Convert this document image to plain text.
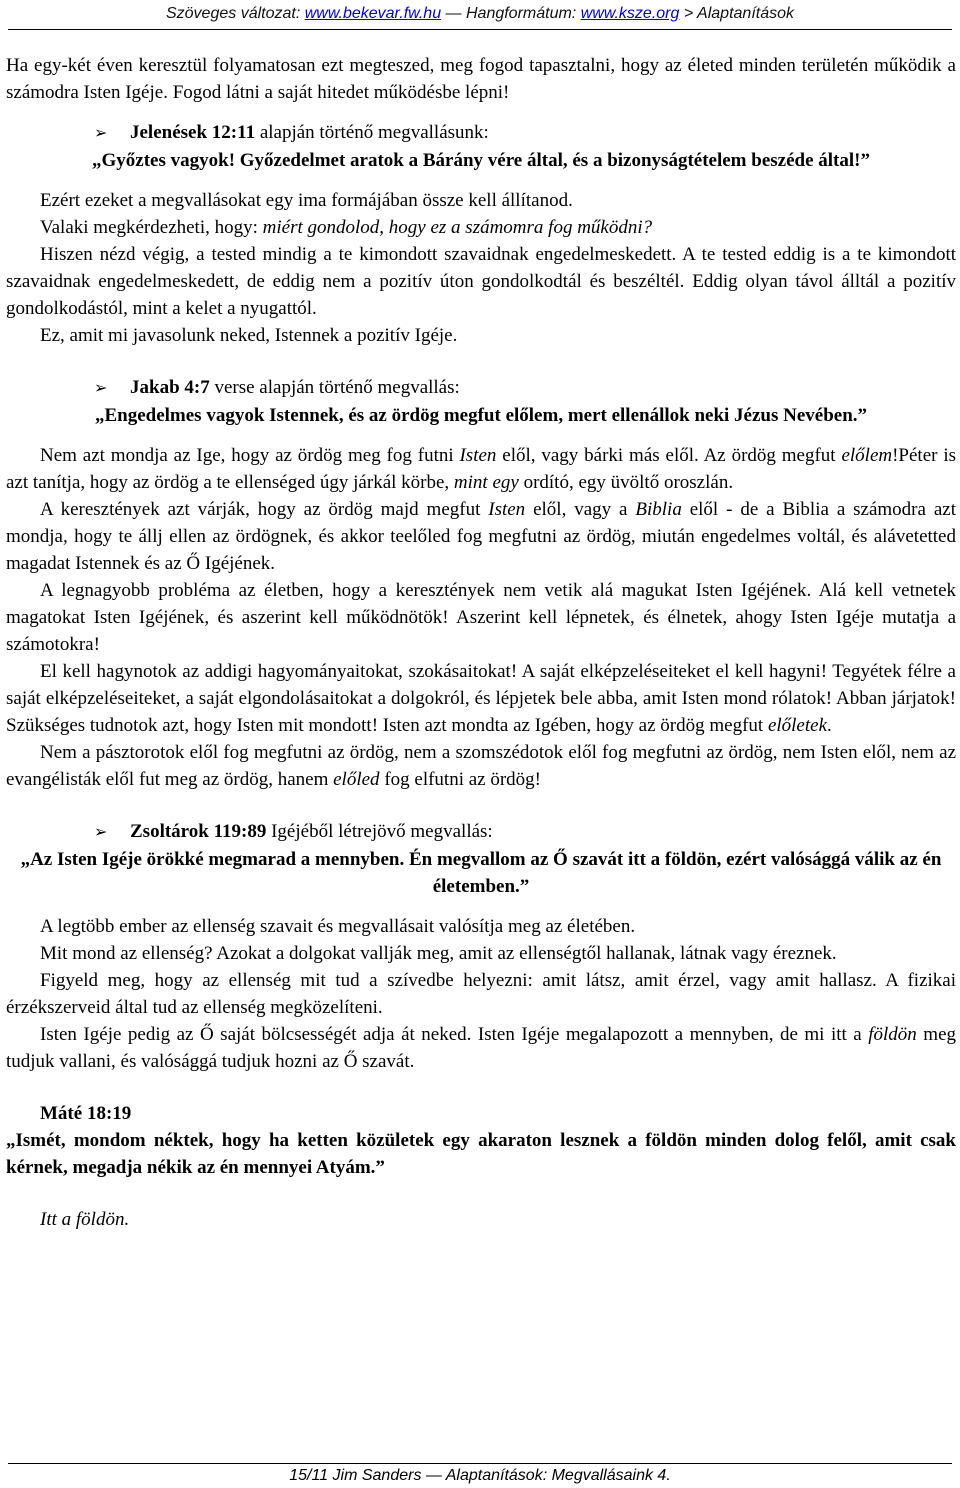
Szöveges változat: www.bekevar.fw.hu — Hangformátum: www.ksze.org > Alaptanítások

Ha egy-két éven keresztül folyamatosan ezt megteszed, meg fogod tapasztalni, hogy az életed minden területén működik a számodra Isten Igéje. Fogod látni a saját hitedet működésbe lépni!

➢	Jelenések 12:11 alapján történő megvallásunk:

„Győztes vagyok! Győzedelmet aratok a Bárány vére által, és a bizonyságtételem beszéde által!”

Ezért ezeket a megvallásokat egy ima formájában össze kell állítanod.

Valaki megkérdezheti, hogy: miért gondolod, hogy ez a számomra fog működni?

Hiszen nézd végig, a tested mindig a te kimondott szavaidnak engedelmeskedett. A te tested eddig is a te kimondott szavaidnak engedelmeskedett, de eddig nem a pozitív úton gondolkodtál és beszéltél. Eddig olyan távol álltál a pozitív gondolkodástól, mint a kelet a nyugattól.

Ez, amit mi javasolunk neked, Istennek a pozitív Igéje.

➢	Jakab 4:7 verse alapján történő megvallás:

„Engedelmes vagyok Istennek, és az ördög megfut előlem, mert ellenállok neki Jézus Nevében.”

Nem azt mondja az Ige, hogy az ördög meg fog futni Isten elől, vagy bárki más elől. Az ördög megfut előlem!Péter is azt tanítja, hogy az ördög a te ellenséged úgy járkál körbe, mint egy ordító, egy üvöltő oroszlán.

A keresztények azt várják, hogy az ördög majd megfut Isten elől, vagy a Biblia elől - de a Biblia a számodra azt mondja, hogy te állj ellen az ördögnek, és akkor teelőled fog megfutni az ördög, miután engedelmes voltál, és alávetetted magadat Istennek és az Ő Igéjének.

A legnagyobb probléma az életben, hogy a keresztények nem vetik alá magukat Isten Igéjének. Alá kell vetnetek magatokat Isten Igéjének, és aszerint kell működnötök! Aszerint kell lépnetek, és élnetek, ahogy Isten Igéje mutatja a számotokra!

El kell hagynotok az addigi hagyományaitokat, szokásaitokat! A saját elképzeléseiteket el kell hagyni! Tegyétek félre a saját elképzeléseiteket, a saját elgondolásaitokat a dolgokról, és lépjetek bele abba, amit Isten mond rólatok! Abban járjatok! Szükséges tudnotok azt, hogy Isten mit mondott! Isten azt mondta az Igében, hogy az ördög megfut előletek.

Nem a pásztorotok elől fog megfutni az ördög, nem a szomszédotok elől fog megfutni az ördög, nem Isten elől, nem az evangélisták elől fut meg az ördög, hanem előled fog elfutni az ördög!

➢	Zsoltárok 119:89 Igéjéből létrejövő megvallás:

„Az Isten Igéje örökké megmarad a mennyben. Én megvallom az Ő szavát itt a földön, ezért valósággá válik az én életemben.”

A legtöbb ember az ellenség szavait és megvallásait valósítja meg az életében.

Mit mond az ellenség? Azokat a dolgokat vallják meg, amit az ellenségtől hallanak, látnak vagy éreznek.

Figyeld meg, hogy az ellenség mit tud a szívedbe helyezni: amit látsz, amit érzel, vagy amit hallasz. A fizikai érzékszerveid által tud az ellenség megközelíteni.

Isten Igéje pedig az Ő saját bölcsességét adja át neked. Isten Igéje megalapozott a mennyben, de mi itt a földön meg tudjuk vallani, és valósággá tudjuk hozni az Ő szavát.

Máté 18:19

„Ismét, mondom néktek, hogy ha ketten közületek egy akaraton lesznek a földön minden dolog felől, amit csak kérnek, megadja nékik az én mennyei Atyám.”

Itt a földön.

15/11 Jim Sanders — Alaptanítások: Megvallásaink 4.
